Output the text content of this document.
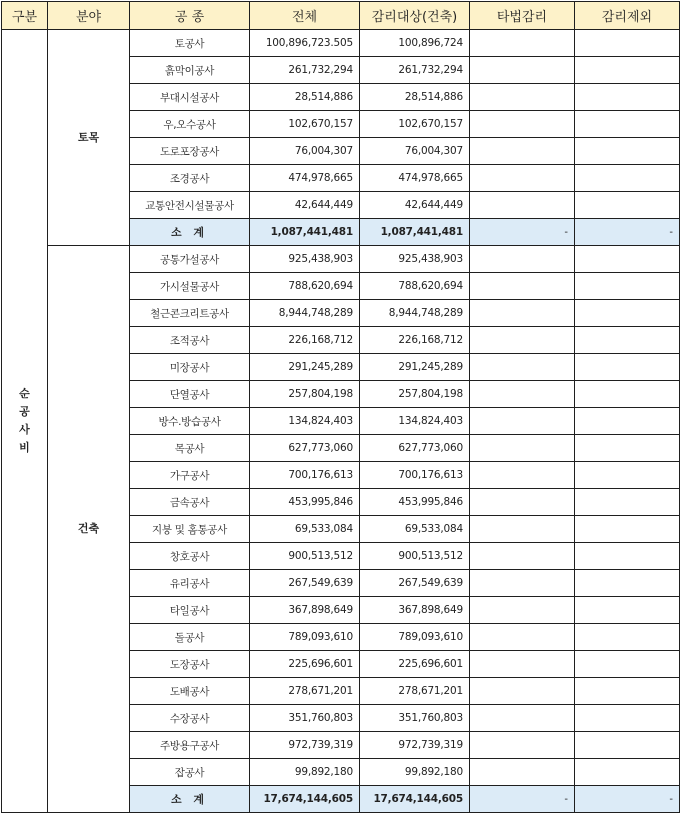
구분	분야	공 종	전체	감리대상(건축)	타법감리	감리제외

순
공
사
비	토목	토공사	100,896,723.505	100,896,724		
		흙막이공사	261,732,294	261,732,294		
		부대시설공사	28,514,886	28,514,886		
		우,오수공사	102,670,157	102,670,157		
		도로포장공사	76,004,307	76,004,307		
		조경공사	474,978,665	474,978,665		
		교통안전시설물공사	42,644,449	42,644,449		
		소 계	1,087,441,481	1,087,441,481	-	-
	건축	공통가설공사	925,438,903	925,438,903		
		가시설물공사	788,620,694	788,620,694		
		철근콘크리트공사	8,944,748,289	8,944,748,289		
		조적공사	226,168,712	226,168,712		
		미장공사	291,245,289	291,245,289		
		단열공사	257,804,198	257,804,198		
		방수.방습공사	134,824,403	134,824,403		
		목공사	627,773,060	627,773,060		
		가구공사	700,176,613	700,176,613		
		금속공사	453,995,846	453,995,846		
		지붕 및 홈통공사	69,533,084	69,533,084		
		창호공사	900,513,512	900,513,512		
		유리공사	267,549,639	267,549,639		
		타일공사	367,898,649	367,898,649		
		돌공사	789,093,610	789,093,610		
		도장공사	225,696,601	225,696,601		
		도배공사	278,671,201	278,671,201		
		수장공사	351,760,803	351,760,803		
		주방용구공사	972,739,319	972,739,319		
		잡공사	99,892,180	99,892,180		
		소 계	17,674,144,605	17,674,144,605	-	-
